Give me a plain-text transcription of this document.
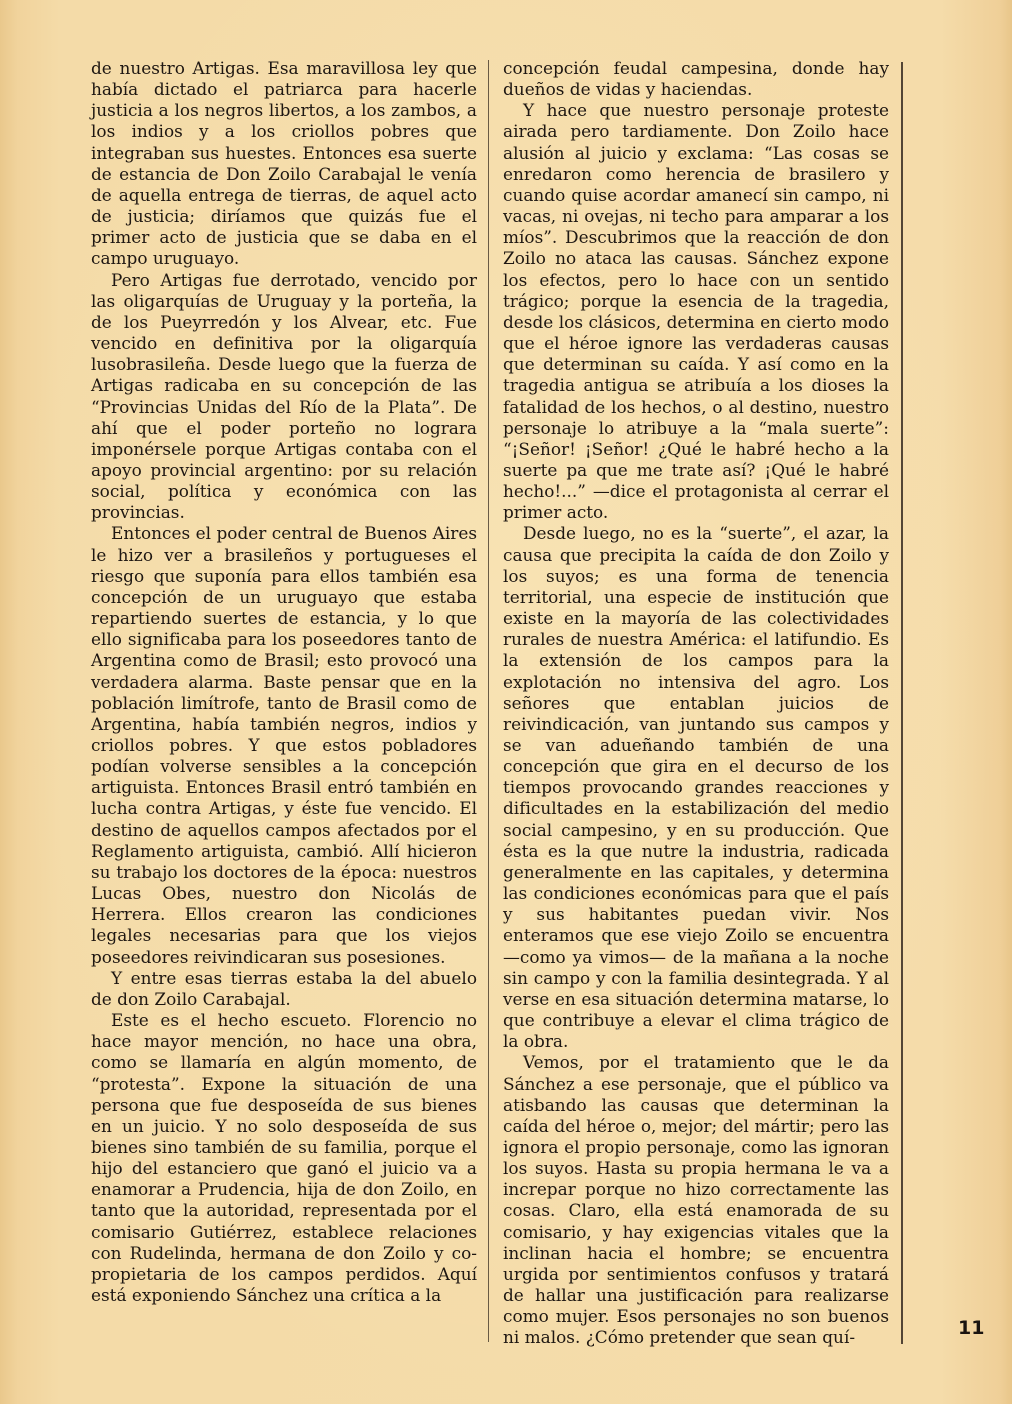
de nuestro Artigas. Esa maravillosa ley que había dictado el patriarca para hacerle justicia a los negros libertos, a los zambos, a los indios y a los criollos pobres que integraban sus huestes. Entonces esa suerte de estancia de Don Zoilo Carabajal le venía de aquella entrega de tierras, de aquel acto de justicia; diríamos que quizás fue el primer acto de justicia que se daba en el campo uruguayo.

Pero Artigas fue derrotado, vencido por las oligarquías de Uruguay y la porteña, la de los Pueyrredón y los Alvear, etc. Fue vencido en definitiva por la oligarquía lusobrasileña. Desde luego que la fuerza de Artigas radicaba en su concepción de las “Provincias Unidas del Río de la Plata”. De ahí que el poder porteño no lograra imponérsele porque Artigas contaba con el apoyo provincial argentino: por su relación social, política y económica con las provincias.

Entonces el poder central de Buenos Aires le hizo ver a brasileños y portugueses el riesgo que suponía para ellos también esa concepción de un uruguayo que estaba repartiendo suertes de estancia, y lo que ello significaba para los poseedores tanto de Argentina como de Brasil; esto provocó una verdadera alarma. Baste pensar que en la población limítrofe, tanto de Brasil como de Argentina, había también negros, indios y criollos pobres. Y que estos pobladores podían volverse sensibles a la concepción artiguista. Entonces Brasil entró también en lucha contra Artigas, y éste fue vencido. El destino de aquellos campos afectados por el Reglamento artiguista, cambió. Allí hicieron su trabajo los doctores de la época: nuestros Lucas Obes, nuestro don Nicolás de Herrera. Ellos crearon las condiciones legales necesarias para que los viejos poseedores reivindicaran sus posesiones.

Y entre esas tierras estaba la del abuelo de don Zoilo Carabajal.

Este es el hecho escueto. Florencio no hace mayor mención, no hace una obra, como se llamaría en algún momento, de “protesta”. Expone la situación de una persona que fue desposeída de sus bienes en un juicio. Y no solo desposeída de sus bienes sino también de su familia, porque el hijo del estanciero que ganó el juicio va a enamorar a Prudencia, hija de don Zoilo, en tanto que la autoridad, representada por el comisario Gutiérrez, establece relaciones con Rudelinda, hermana de don Zoilo y co-propietaria de los campos perdidos. Aquí está exponiendo Sánchez una crítica a la

concepción feudal campesina, donde hay dueños de vidas y haciendas.

Y hace que nuestro personaje proteste airada pero tardiamente. Don Zoilo hace alusión al juicio y exclama: “Las cosas se enredaron como herencia de brasilero y cuando quise acordar amanecí sin campo, ni vacas, ni ovejas, ni techo para amparar a los míos”. Descubrimos que la reacción de don Zoilo no ataca las causas. Sánchez expone los efectos, pero lo hace con un sentido trágico; porque la esencia de la tragedia, desde los clásicos, determina en cierto modo que el héroe ignore las verdaderas causas que determinan su caída. Y así como en la tragedia antigua se atribuía a los dioses la fatalidad de los hechos, o al destino, nuestro personaje lo atribuye a la “mala suerte”: “¡Señor! ¡Señor! ¿Qué le habré hecho a la suerte pa que me trate así? ¡Qué le habré hecho!...” —dice el protagonista al cerrar el primer acto.

Desde luego, no es la “suerte”, el azar, la causa que precipita la caída de don Zoilo y los suyos; es una forma de tenencia territorial, una especie de institución que existe en la mayoría de las colectividades rurales de nuestra América: el latifundio. Es la extensión de los campos para la explotación no intensiva del agro. Los señores que entablan juicios de reivindicación, van juntando sus campos y se van adueñando también de una concepción que gira en el decurso de los tiempos provocando grandes reacciones y dificultades en la estabilización del medio social campesino, y en su producción. Que ésta es la que nutre la industria, radicada generalmente en las capitales, y determina las condiciones económicas para que el país y sus habitantes puedan vivir. Nos enteramos que ese viejo Zoilo se encuentra —como ya vimos— de la mañana a la noche sin campo y con la familia desintegrada. Y al verse en esa situación determina matarse, lo que contribuye a elevar el clima trágico de la obra.

Vemos, por el tratamiento que le da Sánchez a ese personaje, que el público va atisbando las causas que determinan la caída del héroe o, mejor; del mártir; pero las ignora el propio personaje, como las ignoran los suyos. Hasta su propia hermana le va a increpar porque no hizo correctamente las cosas. Claro, ella está enamorada de su comisario, y hay exigencias vitales que la inclinan hacia el hombre; se encuentra urgida por sentimientos confusos y tratará de hallar una justificación para realizarse como mujer. Esos personajes no son buenos ni malos. ¿Cómo pretender que sean quí-	11
